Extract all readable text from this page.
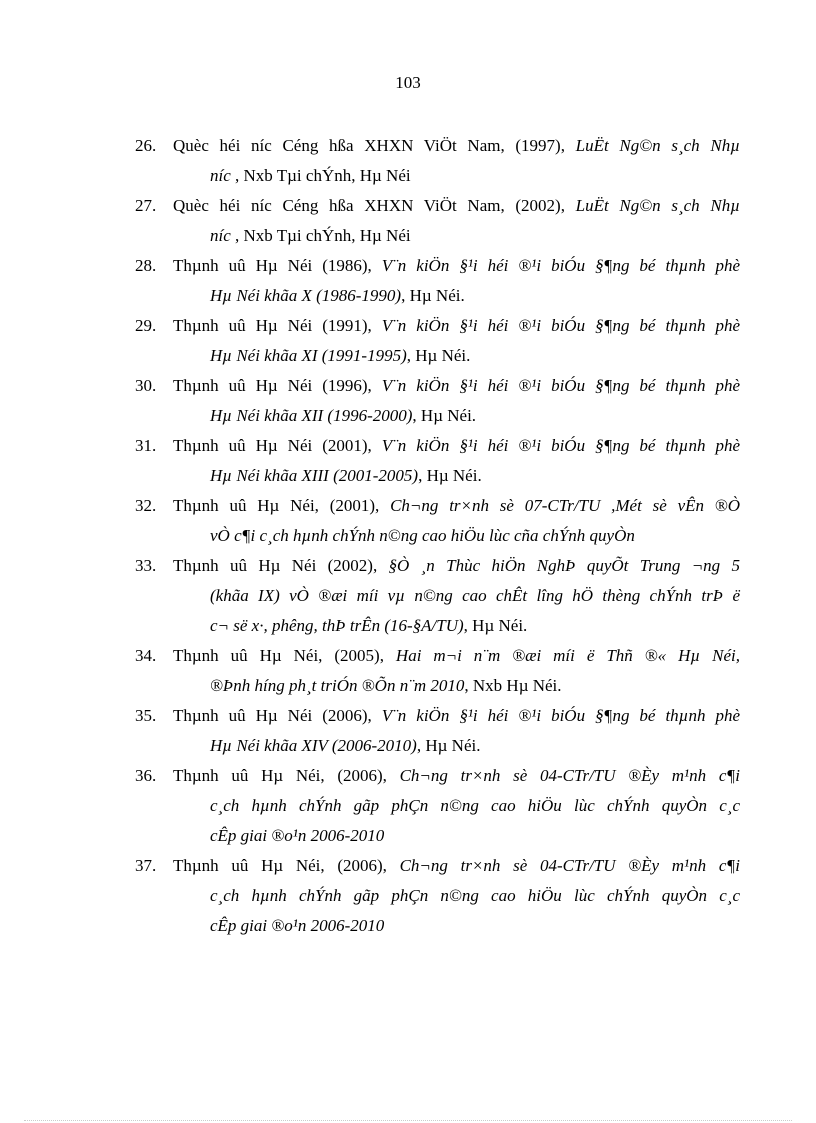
103
26. Quèc héi níc Céng hßa XHXN ViÖt Nam, (1997), LuËt Ng©n s¸ch Nhµ
níc , Nxb Tµi chÝnh, Hµ Néi
27. Quèc héi níc Céng hßa XHXN ViÖt Nam, (2002), LuËt Ng©n s¸ch Nhµ
níc , Nxb Tµi chÝnh, Hµ Néi
28. Thµnh uû Hµ Néi (1986), V¨n kiÖn §¹i héi ®¹i biÓu §¶ng bé thµnh phè
Hµ Néi khãa X (1986-1990), Hµ Néi.
29. Thµnh uû Hµ Néi (1991), V¨n kiÖn §¹i héi ®¹i biÓu §¶ng bé thµnh phè
Hµ Néi khãa XI (1991-1995), Hµ Néi.
30. Thµnh uû Hµ Néi (1996), V¨n kiÖn §¹i héi ®¹i biÓu §¶ng bé thµnh phè
Hµ Néi khãa XII (1996-2000), Hµ Néi.
31. Thµnh uû Hµ Néi (2001), V¨n kiÖn §¹i héi ®¹i biÓu §¶ng bé thµnh phè
Hµ Néi khãa XIII (2001-2005), Hµ Néi.
32. Thµnh uû Hµ Néi, (2001), Ch¬ng tr×nh sè 07-CTr/TU ,Mét sè vÊn ®Ò
vÒ c¶i c¸ch hµnh chÝnh n©ng cao hiÖu lùc cña chÝnh quyÒn
33. Thµnh uû Hµ Néi (2002), §Ò ¸n Thùc hiÖn NghÞ quyÕt Trung ¬ng 5
(khãa IX) vÒ ®æi míi vµ n©ng cao chÊt lîng hÖ thèng chÝnh trÞ ë
c¬ së x·, phêng, thÞ trÊn (16-§A/TU), Hµ Néi.
34. Thµnh uû Hµ Néi, (2005), Hai m¬i n¨m ®æi míi ë Thñ ®« Hµ Néi,
®Þnh híng ph¸t triÓn ®Õn n¨m 2010, Nxb Hµ Néi.
35. Thµnh uû Hµ Néi (2006), V¨n kiÖn §¹i héi ®¹i biÓu §¶ng bé thµnh phè
Hµ Néi khãa XIV (2006-2010), Hµ Néi.
36. Thµnh uû Hµ Néi, (2006), Ch¬ng tr×nh sè 04-CTr/TU ®Èy m¹nh c¶i
c¸ch hµnh chÝnh gãp phÇn n©ng cao hiÖu lùc chÝnh quyÒn c¸c
cÊp giai ®o¹n 2006-2010
37. Thµnh uû Hµ Néi, (2006), Ch¬ng tr×nh sè 04-CTr/TU ®Èy m¹nh c¶i
c¸ch hµnh chÝnh gãp phÇn n©ng cao hiÖu lùc chÝnh quyÒn c¸c
cÊp giai ®o¹n 2006-2010
